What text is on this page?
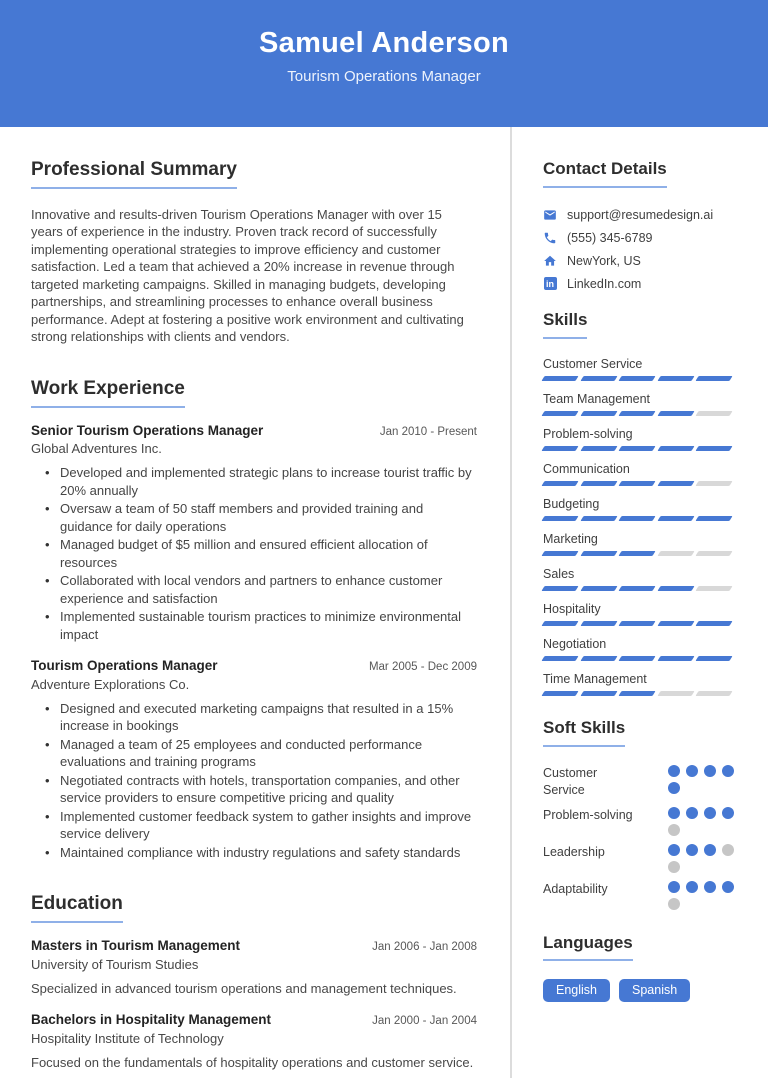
Samuel Anderson
Tourism Operations Manager
Professional Summary

Innovative and results-driven Tourism Operations Manager with over 15 years of experience in the industry. Proven track record of successfully implementing operational strategies to improve efficiency and customer satisfaction. Led a team that achieved a 20% increase in revenue through targeted marketing campaigns. Skilled in managing budgets, developing partnerships, and streamlining processes to enhance overall business performance. Adept at fostering a positive work environment and cultivating strong relationships with clients and vendors.

Work Experience
Senior Tourism Operations Manager	Jan 2010 - Present
Global Adventures Inc.
• Developed and implemented strategic plans to increase tourist traffic by 20% annually
• Oversaw a team of 50 staff members and provided training and guidance for daily operations
• Managed budget of $5 million and ensured efficient allocation of resources
• Collaborated with local vendors and partners to enhance customer experience and satisfaction
• Implemented sustainable tourism practices to minimize environmental impact
Tourism Operations Manager	Mar 2005 - Dec 2009
Adventure Explorations Co.
• Designed and executed marketing campaigns that resulted in a 15% increase in bookings
• Managed a team of 25 employees and conducted performance evaluations and training programs
• Negotiated contracts with hotels, transportation companies, and other service providers to ensure competitive pricing and quality
• Implemented customer feedback system to gather insights and improve service delivery
• Maintained compliance with industry regulations and safety standards
Education
Masters in Tourism Management	Jan 2006 - Jan 2008
University of Tourism Studies

Specialized in advanced tourism operations and management techniques.

Bachelors in Hospitality Management	Jan 2000 - Jan 2004
Hospitality Institute of Technology

Focused on the fundamentals of hospitality operations and customer service.

Contact Details
support@resumedesign.ai
(555) 345-6789
NewYork, US
in LinkedIn.com
Skills
Customer Service
Team Management
Problem-solving
Communication
Budgeting
Marketing
Sales
Hospitality
Negotiation
Time Management
Soft Skills
Customer Service
Problem-solving
Leadership
Adaptability
Languages
English	Spanish
